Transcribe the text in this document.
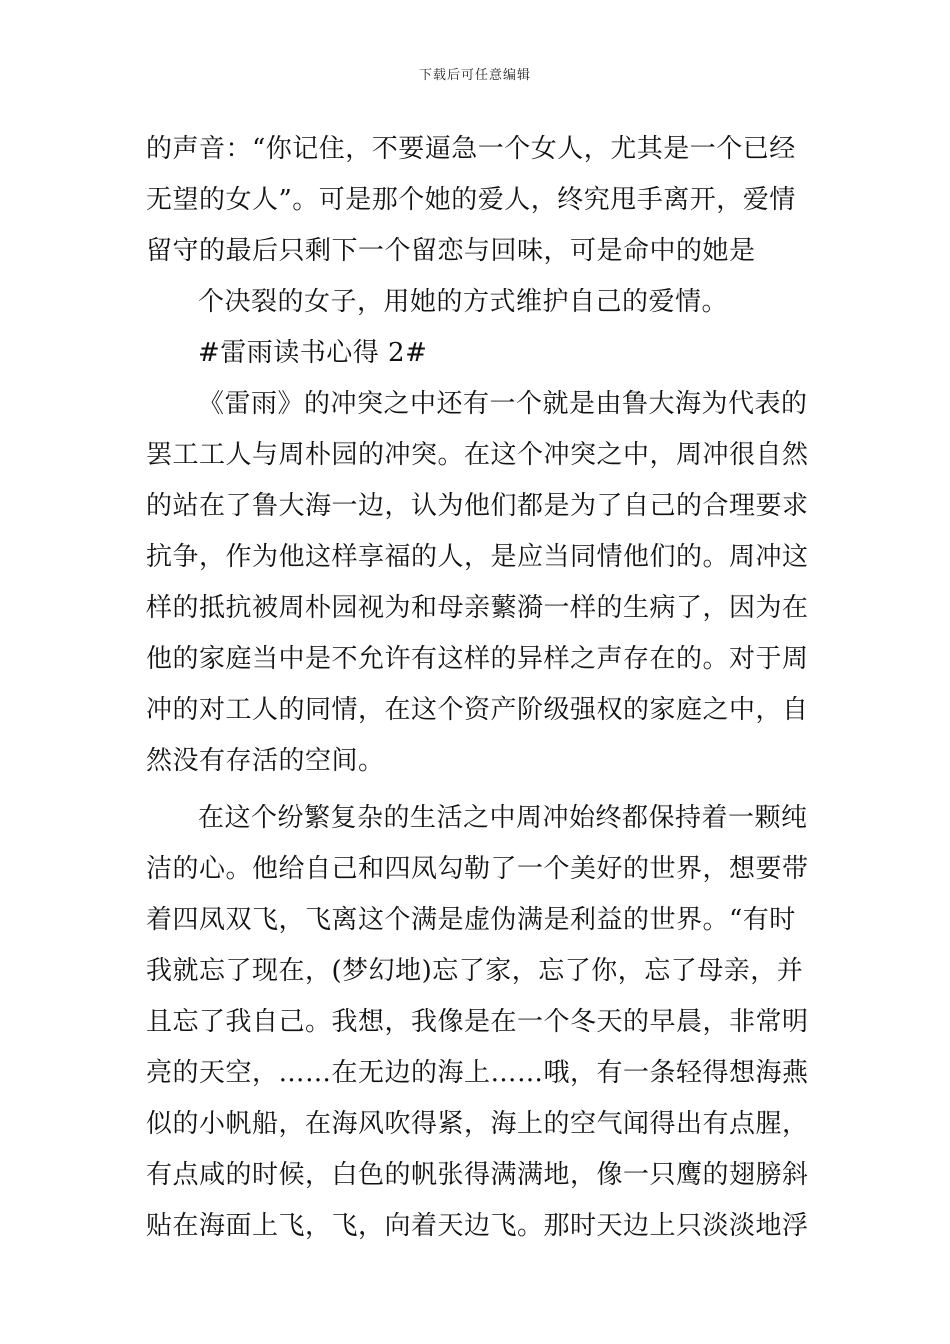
下载后可任意编辑
的声音：“你记住，不要逼急一个女人，尤其是一个已经
无望的女人”。可是那个她的爱人，终究甩手离开，爱情
留守的最后只剩下一个留恋与回味，可是命中的她是
个决裂的女子，用她的方式维护自己的爱情。
#雷雨读书心得 2#
《雷雨》的冲突之中还有一个就是由鲁大海为代表的
罢工工人与周朴园的冲突。在这个冲突之中，周冲很自然
的站在了鲁大海一边，认为他们都是为了自己的合理要求
抗争，作为他这样享福的人，是应当同情他们的。周冲这
样的抵抗被周朴园视为和母亲蘩漪一样的生病了，因为在
他的家庭当中是不允许有这样的异样之声存在的。对于周
冲的对工人的同情，在这个资产阶级强权的家庭之中，自
然没有存活的空间。
在这个纷繁复杂的生活之中周冲始终都保持着一颗纯
洁的心。他给自己和四凤勾勒了一个美好的世界，想要带
着四凤双飞，飞离这个满是虚伪满是利益的世界。“有时
我就忘了现在，(梦幻地)忘了家，忘了你，忘了母亲，并
且忘了我自己。我想，我像是在一个冬天的早晨，非常明
亮的天空，……在无边的海上……哦，有一条轻得想海燕
似的小帆船，在海风吹得紧，海上的空气闻得出有点腥，
有点咸的时候，白色的帆张得满满地，像一只鹰的翅膀斜
贴在海面上飞，飞，向着天边飞。那时天边上只淡淡地浮
